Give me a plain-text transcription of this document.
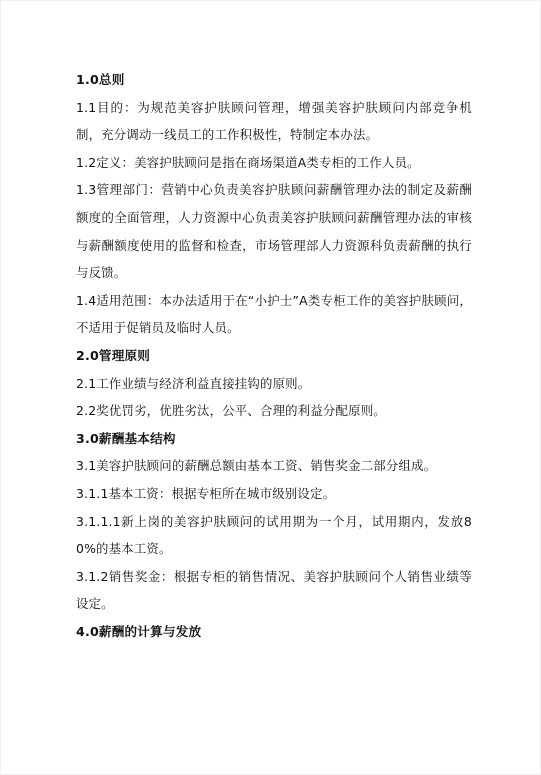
1.0总则

1.1目的：为规范美容护肤顾问管理，增强美容护肤顾问内部竞争机制，充分调动一线员工的工作积极性，特制定本办法。

1.2定义：美容护肤顾问是指在商场渠道A类专柜的工作人员。

1.3管理部门：营销中心负责美容护肤顾问薪酬管理办法的制定及薪酬额度的全面管理，人力资源中心负责美容护肤顾问薪酬管理办法的审核与薪酬额度使用的监督和检查，市场管理部人力资源科负责薪酬的执行与反馈。

1.4适用范围：本办法适用于在“小护士”A类专柜工作的美容护肤顾问，不适用于促销员及临时人员。

2.0管理原则

2.1工作业绩与经济利益直接挂钩的原则。

2.2奖优罚劣，优胜劣汰，公平、合理的利益分配原则。

3.0薪酬基本结构

3.1美容护肤顾问的薪酬总额由基本工资、销售奖金二部分组成。

3.1.1基本工资：根据专柜所在城市级别设定。

3.1.1.1新上岗的美容护肤顾问的试用期为一个月，试用期内，发放80%的基本工资。

3.1.2销售奖金：根据专柜的销售情况、美容护肤顾问个人销售业绩等设定。

4.0薪酬的计算与发放
